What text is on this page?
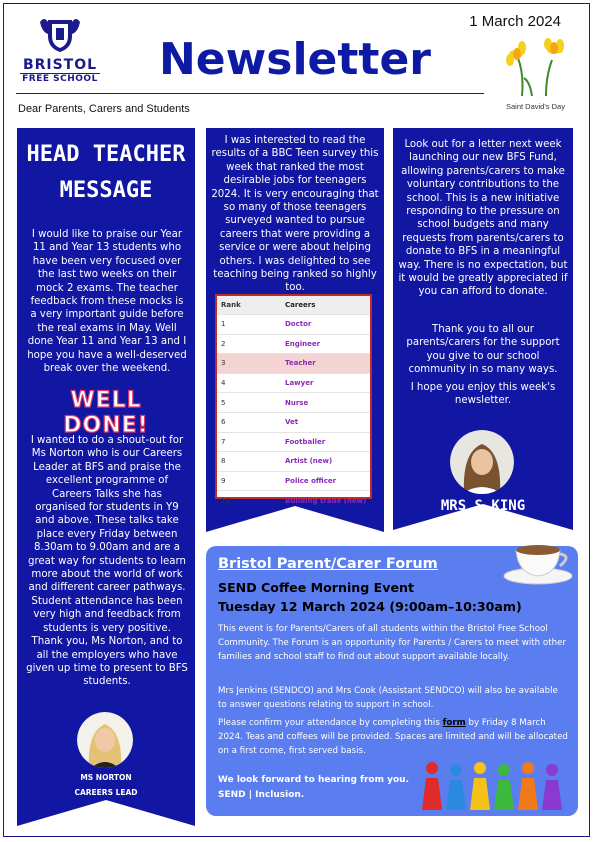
BRISTOL
FREE SCHOOL Newsletter
1 March 2024
Saint David's Day
Dear Parents, Carers and Students
HEAD TEACHER
MESSAGE
I would like to praise our Year 11 and Year 13 students who have been very focused over the last two weeks on their mock 2 exams. The teacher feedback from these mocks is a very important guide before the real exams in May. Well done Year 11 and Year 13 and I hope you have a well-deserved break over the weekend.
WELL DONE!
I wanted to do a shout-out for Ms Norton who is our Careers Leader at BFS and praise the excellent programme of Careers Talks she has organised for students in Y9 and above. These talks take place every Friday between 8.30am to 9.00am and are a great way for students to learn more about the world of work and different career pathways. Student attendance has been very high and feedback from students is very positive. Thank you, Ms Norton, and to all the employers who have given up time to present to BFS students.
MS NORTON
CAREERS LEAD
I was interested to read the results of a BBC Teen survey this week that ranked the most desirable jobs for teenagers 2024. It is very encouraging that so many of those teenagers surveyed wanted to pursue careers that were providing a service or were about helping others. I was delighted to see teaching being ranked so highly too.
Rank	Careers
1	Doctor
2	Engineer
3	Teacher
4	Lawyer
5	Nurse
6	Vet
7	Footballer
8	Artist (new)
9	Police officer
10	Building trade (new)
Look out for a letter next week launching our new BFS Fund, allowing parents/carers to make voluntary contributions to the school. This is a new initiative responding to the pressure on school budgets and many requests from parents/carers to donate to BFS in a meaningful way. There is no expectation, but it would be greatly appreciated if you can afford to donate.
Thank you to all our parents/carers for the support you give to our school community in so many ways.
I hope you enjoy this week's newsletter.
MRS S KING
Bristol Parent/Carer Forum
SEND Coffee Morning Event
Tuesday 12 March 2024 (9:00am–10:30am)
This event is for Parents/Carers of all students within the Bristol Free School Community. The Forum is an opportunity for Parents / Carers to meet with other families and school staff to find out about support available locally.
Mrs Jenkins (SENDCO) and Mrs Cook (Assistant SENDCO) will also be available to answer questions relating to support in school.
Please confirm your attendance by completing this form by Friday 8 March 2024. Teas and coffees will be provided. Spaces are limited and will be allocated on a first come, first served basis.
We look forward to hearing from you.
SEND | Inclusion.
